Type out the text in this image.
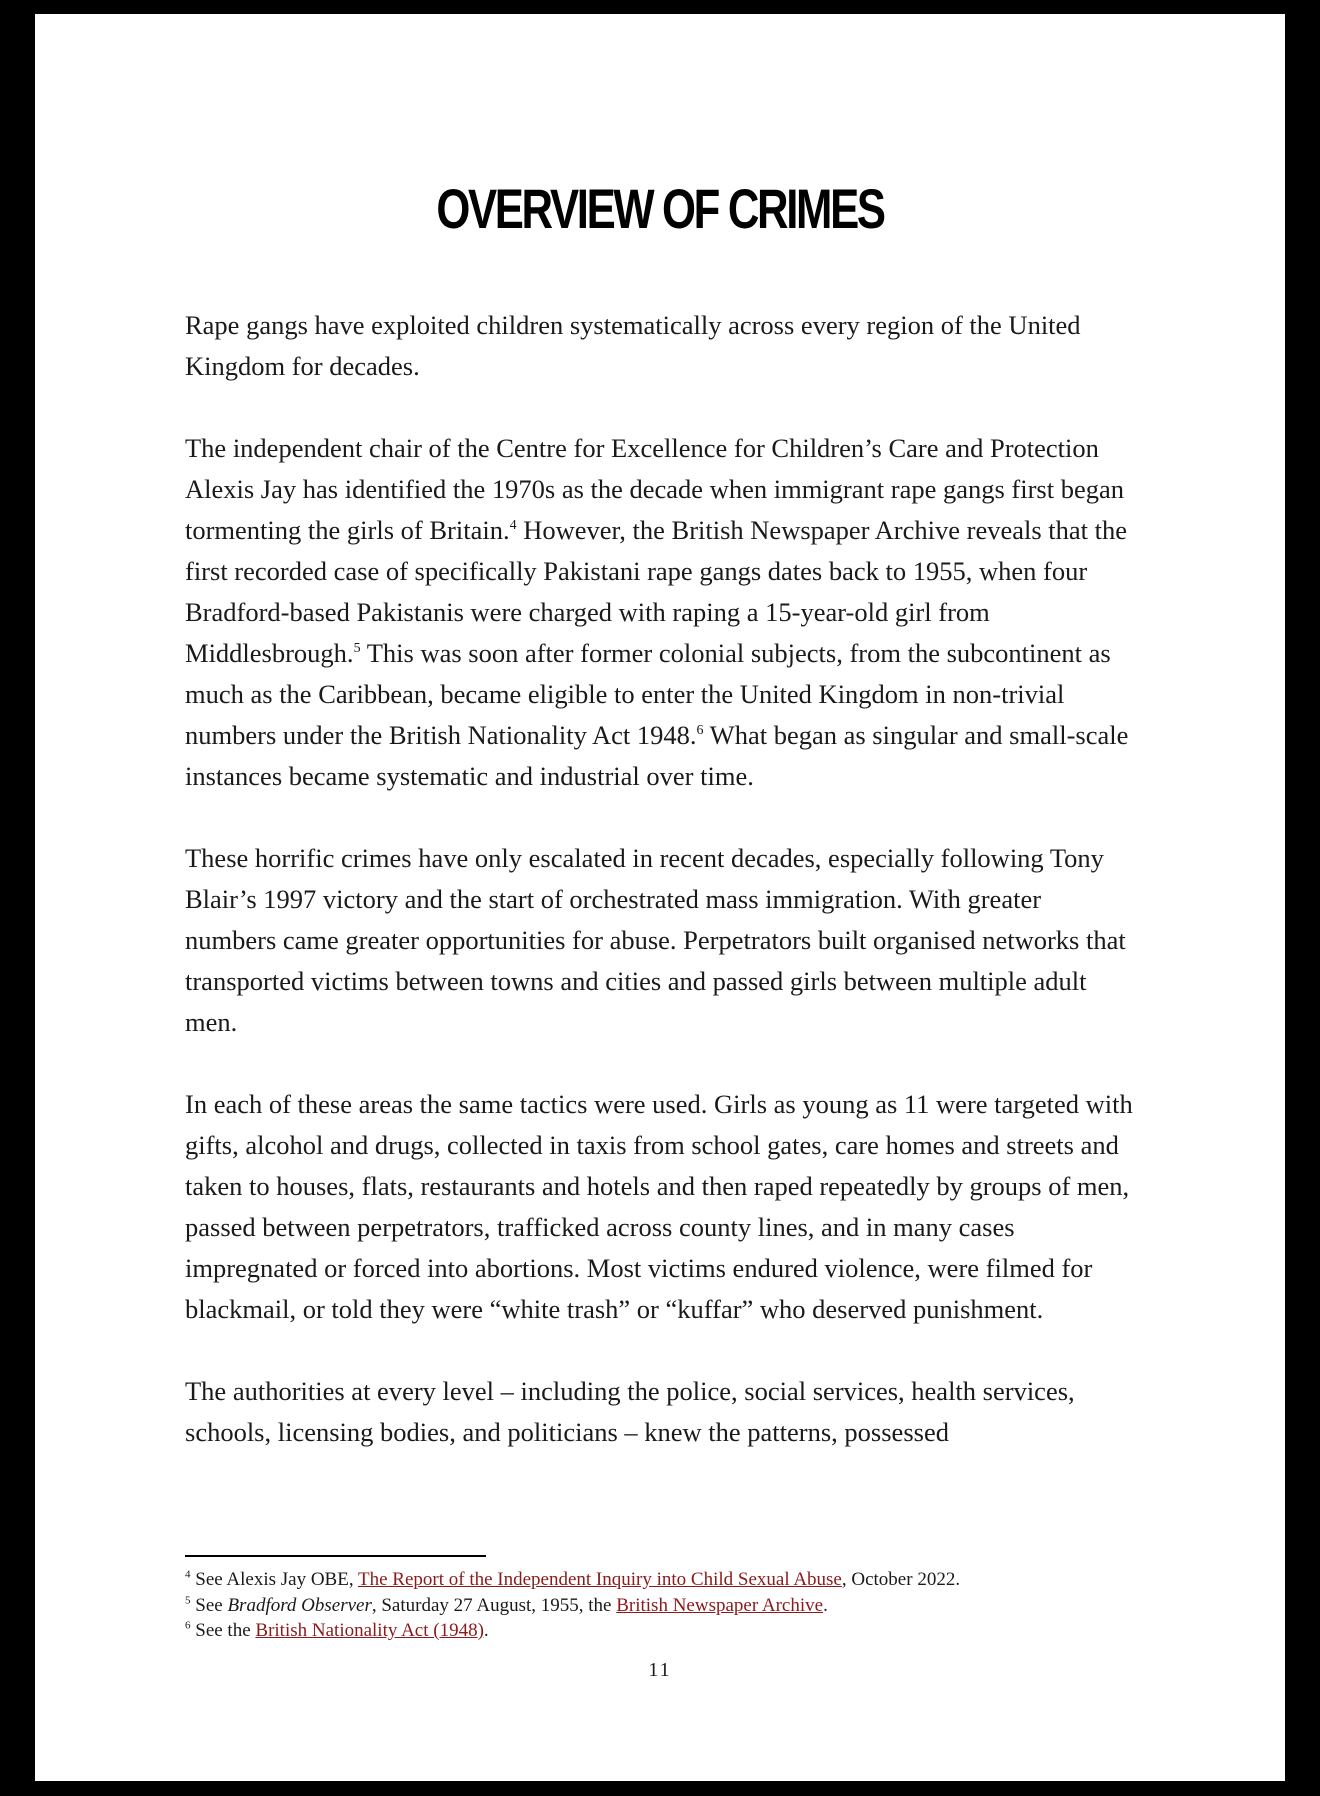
OVERVIEW OF CRIMES

Rape gangs have exploited children systematically across every region of the United Kingdom for decades.

The independent chair of the Centre for Excellence for Children’s Care and Protection Alexis Jay has identified the 1970s as the decade when immigrant rape gangs first began tormenting the girls of Britain.$^4$ However, the British Newspaper Archive reveals that the first recorded case of specifically Pakistani rape gangs dates back to 1955, when four Bradford-based Pakistanis were charged with raping a 15-year-old girl from Middlesbrough.$^5$ This was soon after former colonial subjects, from the subcontinent as much as the Caribbean, became eligible to enter the United Kingdom in non-trivial numbers under the British Nationality Act 1948.$^6$ What began as singular and small-scale instances became systematic and industrial over time.

These horrific crimes have only escalated in recent decades, especially following Tony Blair’s 1997 victory and the start of orchestrated mass immigration. With greater numbers came greater opportunities for abuse. Perpetrators built organised networks that transported victims between towns and cities and passed girls between multiple adult men.

In each of these areas the same tactics were used. Girls as young as 11 were targeted with gifts, alcohol and drugs, collected in taxis from school gates, care homes and streets and taken to houses, flats, restaurants and hotels and then raped repeatedly by groups of men, passed between perpetrators, trafficked across county lines, and in many cases impregnated or forced into abortions. Most victims endured violence, were filmed for blackmail, or told they were “white trash” or “kuffar” who deserved punishment.

The authorities at every level – including the police, social services, health services, schools, licensing bodies, and politicians – knew the patterns, possessed

$^4$ See Alexis Jay OBE, The Report of the Independent Inquiry into Child Sexual Abuse, October 2022.
$^5$ See Bradford Observer, Saturday 27 August, 1955, the British Newspaper Archive.
$^6$ See the British Nationality Act (1948).
11
